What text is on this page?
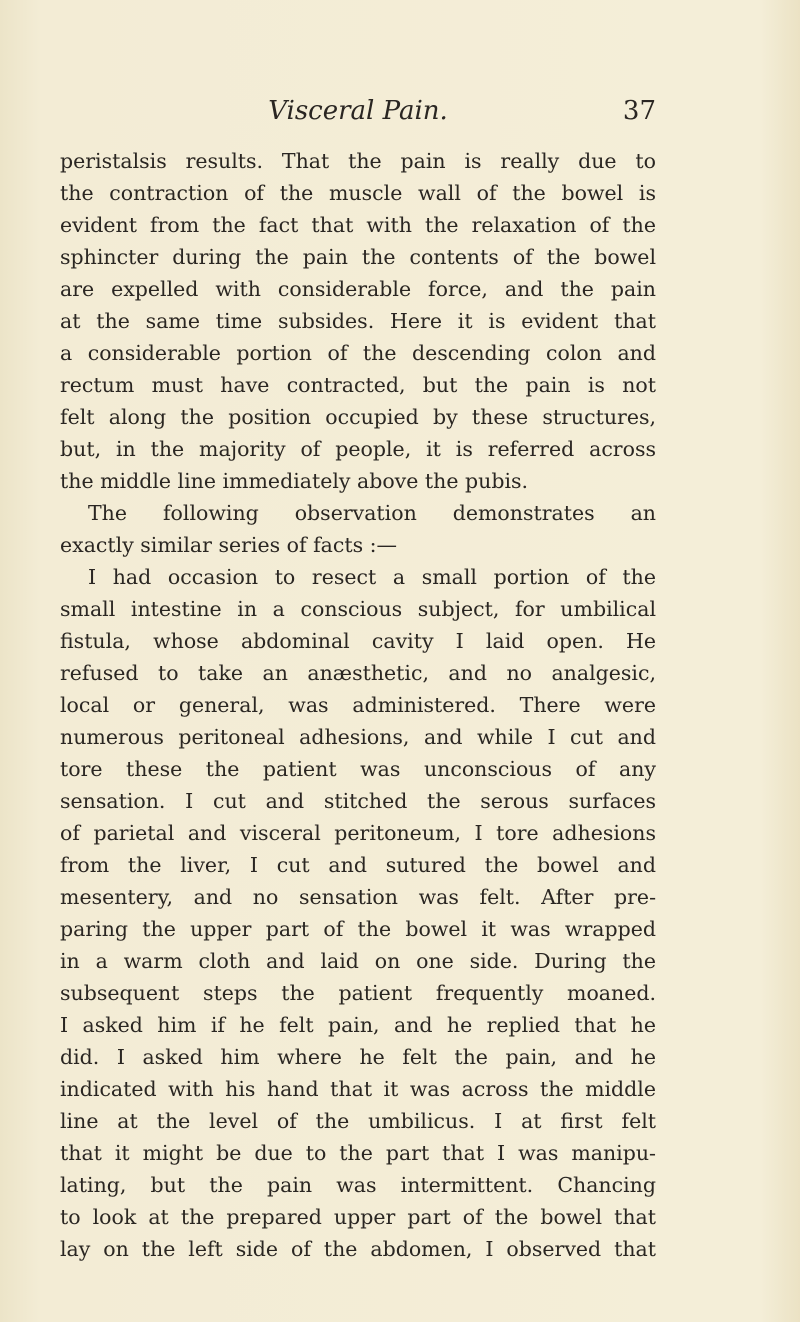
Visceral Pain.	37
peristalsis results. That the pain is really due to
the contraction of the muscle wall of the bowel is
evident from the fact that with the relaxation of the
sphincter during the pain the contents of the bowel
are expelled with considerable force, and the pain
at the same time subsides. Here it is evident that
a considerable portion of the descending colon and
rectum must have contracted, but the pain is not
felt along the position occupied by these structures,
but, in the majority of people, it is referred across
the middle line immediately above the pubis.
The following observation demonstrates an
exactly similar series of facts :—
I had occasion to resect a small portion of the
small intestine in a conscious subject, for umbilical
fistula, whose abdominal cavity I laid open. He
refused to take an anæsthetic, and no analgesic,
local or general, was administered. There were
numerous peritoneal adhesions, and while I cut and
tore these the patient was unconscious of any
sensation. I cut and stitched the serous surfaces
of parietal and visceral peritoneum, I tore adhesions
from the liver, I cut and sutured the bowel and
mesentery, and no sensation was felt. After pre-
paring the upper part of the bowel it was wrapped
in a warm cloth and laid on one side. During the
subsequent steps the patient frequently moaned.
I asked him if he felt pain, and he replied that he
did. I asked him where he felt the pain, and he
indicated with his hand that it was across the middle
line at the level of the umbilicus. I at first felt
that it might be due to the part that I was manipu-
lating, but the pain was intermittent. Chancing
to look at the prepared upper part of the bowel that
lay on the left side of the abdomen, I observed that
